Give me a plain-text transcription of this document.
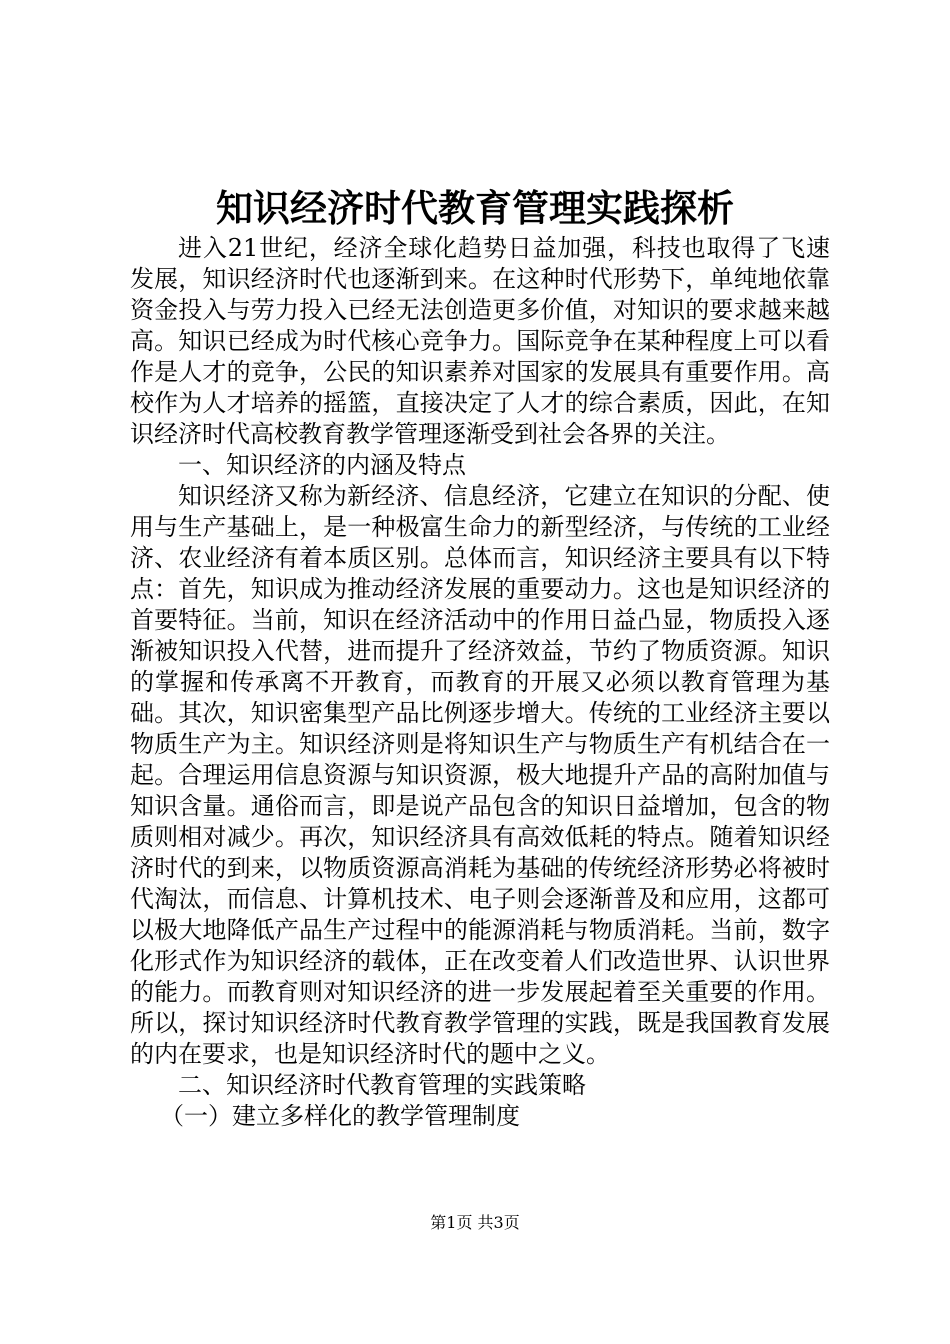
知识经济时代教育管理实践探析

进入21世纪，经济全球化趋势日益加强，科技也取得了飞速发展，知识经济时代也逐渐到来。在这种时代形势下，单纯地依靠资金投入与劳力投入已经无法创造更多价值，对知识的要求越来越高。知识已经成为时代核心竞争力。国际竞争在某种程度上可以看作是人才的竞争，公民的知识素养对国家的发展具有重要作用。高校作为人才培养的摇篮，直接决定了人才的综合素质，因此，在知识经济时代高校教育教学管理逐渐受到社会各界的关注。

一、知识经济的内涵及特点

知识经济又称为新经济、信息经济，它建立在知识的分配、使用与生产基础上，是一种极富生命力的新型经济，与传统的工业经济、农业经济有着本质区别。总体而言，知识经济主要具有以下特点：首先，知识成为推动经济发展的重要动力。这也是知识经济的首要特征。当前，知识在经济活动中的作用日益凸显，物质投入逐渐被知识投入代替，进而提升了经济效益，节约了物质资源。知识的掌握和传承离不开教育，而教育的开展又必须以教育管理为基础。其次，知识密集型产品比例逐步增大。传统的工业经济主要以物质生产为主。知识经济则是将知识生产与物质生产有机结合在一起。合理运用信息资源与知识资源，极大地提升产品的高附加值与知识含量。通俗而言，即是说产品包含的知识日益增加，包含的物质则相对减少。再次，知识经济具有高效低耗的特点。随着知识经济时代的到来，以物质资源高消耗为基础的传统经济形势必将被时代淘汰，而信息、计算机技术、电子则会逐渐普及和应用，这都可以极大地降低产品生产过程中的能源消耗与物质消耗。当前，数字化形式作为知识经济的载体，正在改变着人们改造世界、认识世界的能力。而教育则对知识经济的进一步发展起着至关重要的作用。所以，探讨知识经济时代教育教学管理的实践，既是我国教育发展的内在要求，也是知识经济时代的题中之义。

二、知识经济时代教育管理的实践策略

（一）建立多样化的教学管理制度

第1页 共3页
